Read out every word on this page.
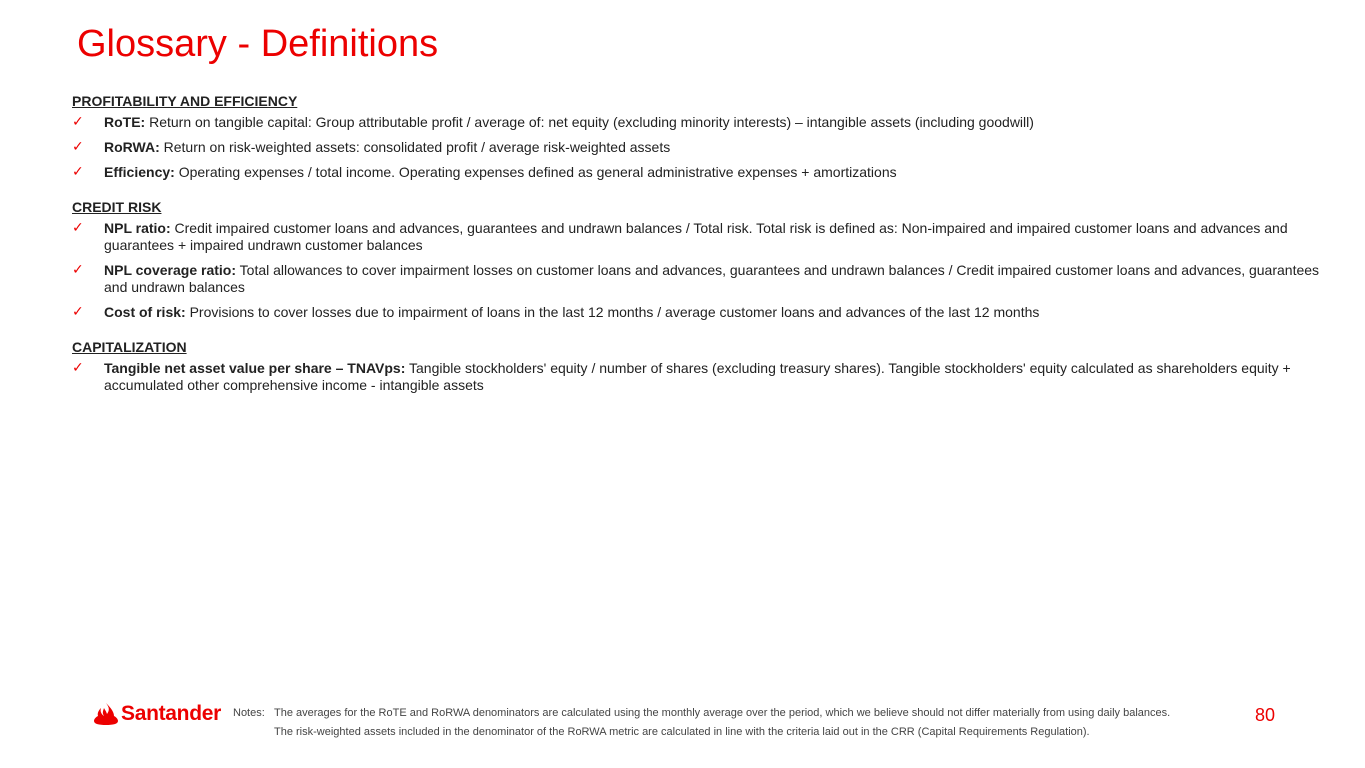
Glossary - Definitions
PROFITABILITY AND EFFICIENCY
✓ RoTE: Return on tangible capital: Group attributable profit / average of: net equity (excluding minority interests) – intangible assets (including goodwill)
✓ RoRWA: Return on risk-weighted assets: consolidated profit / average risk-weighted assets
✓ Efficiency: Operating expenses / total income. Operating expenses defined as general administrative expenses + amortizations
CREDIT RISK
✓ NPL ratio: Credit impaired customer loans and advances, guarantees and undrawn balances / Total risk. Total risk is defined as: Non-impaired and impaired customer loans and advances and guarantees + impaired undrawn customer balances
✓ NPL coverage ratio: Total allowances to cover impairment losses on customer loans and advances, guarantees and undrawn balances / Credit impaired customer loans and advances, guarantees and undrawn balances
✓ Cost of risk: Provisions to cover losses due to impairment of loans in the last 12 months / average customer loans and advances of the last 12 months
CAPITALIZATION
✓ Tangible net asset value per share – TNAVps: Tangible stockholders' equity / number of shares (excluding treasury shares). Tangible stockholders' equity calculated as shareholders equity + accumulated other comprehensive income - intangible assets
Santander Notes: The averages for the RoTE and RoRWA denominators are calculated using the monthly average over the period, which we believe should not differ materially from using daily balances.
The risk-weighted assets included in the denominator of the RoRWA metric are calculated in line with the criteria laid out in the CRR (Capital Requirements Regulation).
80
